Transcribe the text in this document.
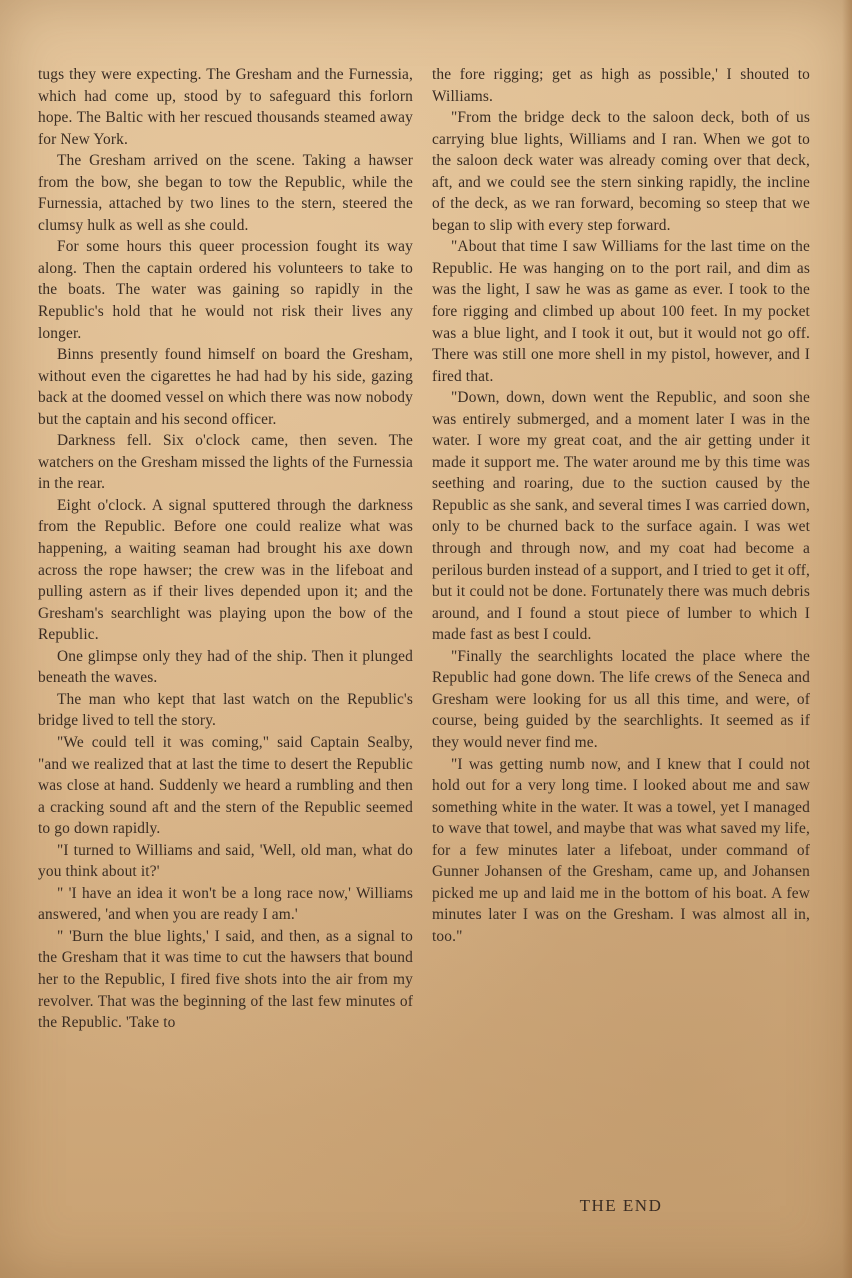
tugs they were expecting. The Gresham and the Furnessia, which had come up, stood by to safeguard this forlorn hope. The Baltic with her rescued thousands steamed away for New York.

The Gresham arrived on the scene. Taking a hawser from the bow, she began to tow the Republic, while the Furnessia, attached by two lines to the stern, steered the clumsy hulk as well as she could.

For some hours this queer procession fought its way along. Then the captain ordered his volunteers to take to the boats. The water was gaining so rapidly in the Republic's hold that he would not risk their lives any longer.

Binns presently found himself on board the Gresham, without even the cigarettes he had had by his side, gazing back at the doomed vessel on which there was now nobody but the captain and his second officer.

Darkness fell. Six o'clock came, then seven. The watchers on the Gresham missed the lights of the Furnessia in the rear.

Eight o'clock. A signal sputtered through the darkness from the Republic. Before one could realize what was happening, a waiting seaman had brought his axe down across the rope hawser; the crew was in the lifeboat and pulling astern as if their lives depended upon it; and the Gresham's searchlight was playing upon the bow of the Republic.

One glimpse only they had of the ship. Then it plunged beneath the waves.

The man who kept that last watch on the Republic's bridge lived to tell the story.

"We could tell it was coming," said Captain Sealby, "and we realized that at last the time to desert the Republic was close at hand. Suddenly we heard a rumbling and then a cracking sound aft and the stern of the Republic seemed to go down rapidly.

"I turned to Williams and said, 'Well, old man, what do you think about it?'

" 'I have an idea it won't be a long race now,' Williams answered, 'and when you are ready I am.'

" 'Burn the blue lights,' I said, and then, as a signal to the Gresham that it was time to cut the hawsers that bound her to the Republic, I fired five shots into the air from my revolver. That was the beginning of the last few minutes of the Republic. 'Take to

the fore rigging; get as high as possible,' I shouted to Williams.

"From the bridge deck to the saloon deck, both of us carrying blue lights, Williams and I ran. When we got to the saloon deck water was already coming over that deck, aft, and we could see the stern sinking rapidly, the incline of the deck, as we ran forward, becoming so steep that we began to slip with every step forward.

"About that time I saw Williams for the last time on the Republic. He was hanging on to the port rail, and dim as was the light, I saw he was as game as ever. I took to the fore rigging and climbed up about 100 feet. In my pocket was a blue light, and I took it out, but it would not go off. There was still one more shell in my pistol, however, and I fired that.

"Down, down, down went the Republic, and soon she was entirely submerged, and a moment later I was in the water. I wore my great coat, and the air getting under it made it support me. The water around me by this time was seething and roaring, due to the suction caused by the Republic as she sank, and several times I was carried down, only to be churned back to the surface again. I was wet through and through now, and my coat had become a perilous burden instead of a support, and I tried to get it off, but it could not be done. Fortunately there was much debris around, and I found a stout piece of lumber to which I made fast as best I could.

"Finally the searchlights located the place where the Republic had gone down. The life crews of the Seneca and Gresham were looking for us all this time, and were, of course, being guided by the searchlights. It seemed as if they would never find me.

"I was getting numb now, and I knew that I could not hold out for a very long time. I looked about me and saw something white in the water. It was a towel, yet I managed to wave that towel, and maybe that was what saved my life, for a few minutes later a lifeboat, under command of Gunner Johansen of the Gresham, came up, and Johansen picked me up and laid me in the bottom of his boat. A few minutes later I was on the Gresham. I was almost all in, too."

THE END
